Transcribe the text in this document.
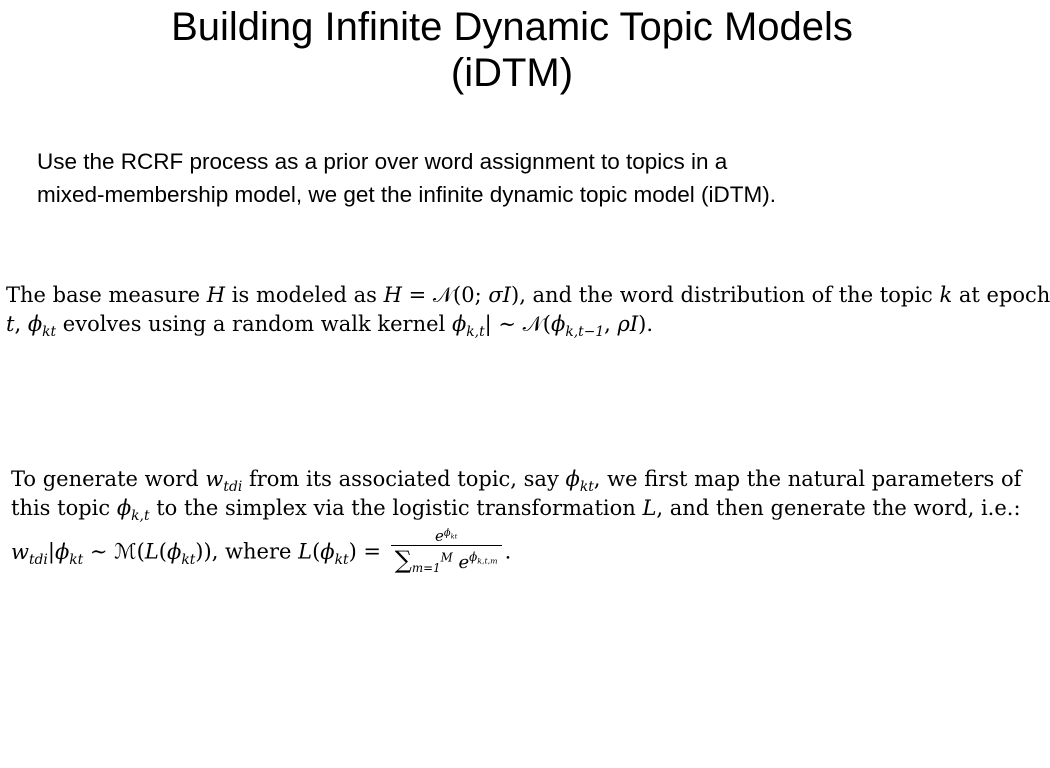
Building Infinite Dynamic Topic Models
(iDTM)
Use the RCRF process as a prior over word assignment to topics in a
mixed-membership model, we get the infinite dynamic topic model (iDTM).
The base measure H is modeled as H = 𝒩(0; σI), and the word distribution of the topic k at epoch
t, $\phi_{kt}$ evolves using a random walk kernel $\phi_{k,t}|$ ∼ $𝒩(\phi_{k,t-1}$, ρI).
To generate word $w_{tdi}$ from its associated topic, say $\phi_{kt}$, we first map the natural parameters of
this topic $\phi_{k,t}$ to the simplex via the logistic transformation L, and then generate the word, i.e.:
$w_{tdi}|\phi_{kt}$ ∼ $ℳ(L(\phi_{kt}))$, where $L(\phi_{kt}) = \frac{e^{\phi_{kt}}}{\sum_{m=1}^M e^{\phi_{k,t,m}}}$ .
